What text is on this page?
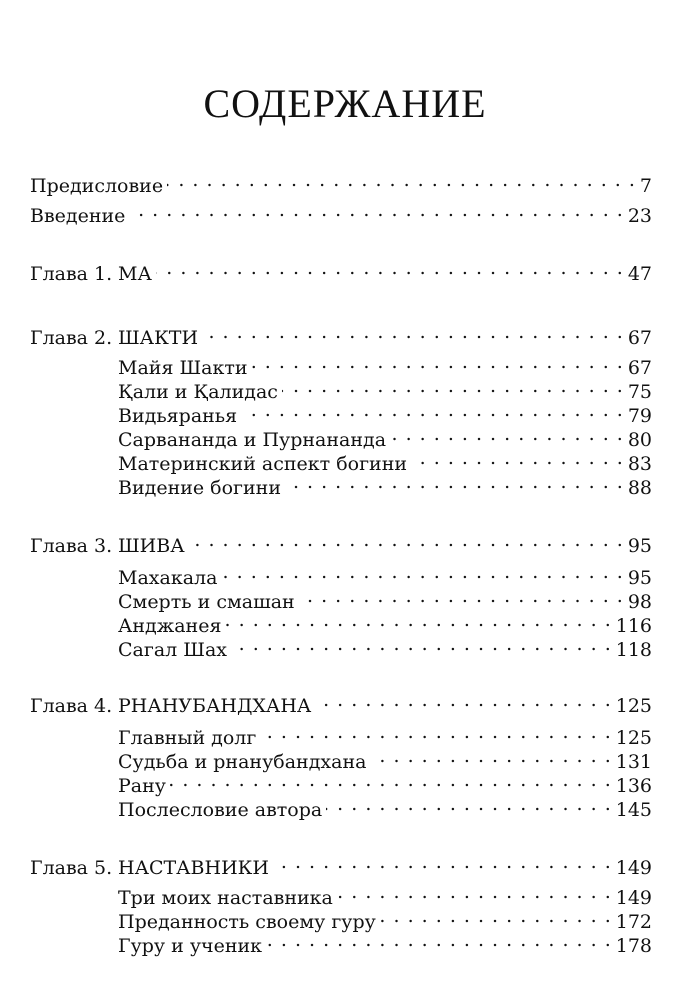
СОДЕРЖАНИЕ
Предисловие . . .	7
Введение . . .	23
Глава 1. МА . . .	47
Глава 2. ШАКТИ . . .	67
Майя Шакти . . .	67
Қали и Қалидас . . .	75
Видьяранья . . .	79
Сарвананда и Пурнананда . . .	80
Материнский аспект богини . . .	83
Видение богини . . .	88
Глава 3. ШИВА . . .	95
Махакала . . .	95
Смерть и смашан . . .	98
Анджанея . . .	116
Сагал Шах . . .	118
Глава 4. РНАНУБАНДХАНА . . .	125
Главный долг . . .	125
Судьба и рнанубандхана . . .	131
Рану . . .	136
Послесловие автора . . .	145
Глава 5. НАСТАВНИКИ . . .	149
Три моих наставника . . .	149
Преданность своему гуру . . .	172
Гуру и ученик . . .	178
